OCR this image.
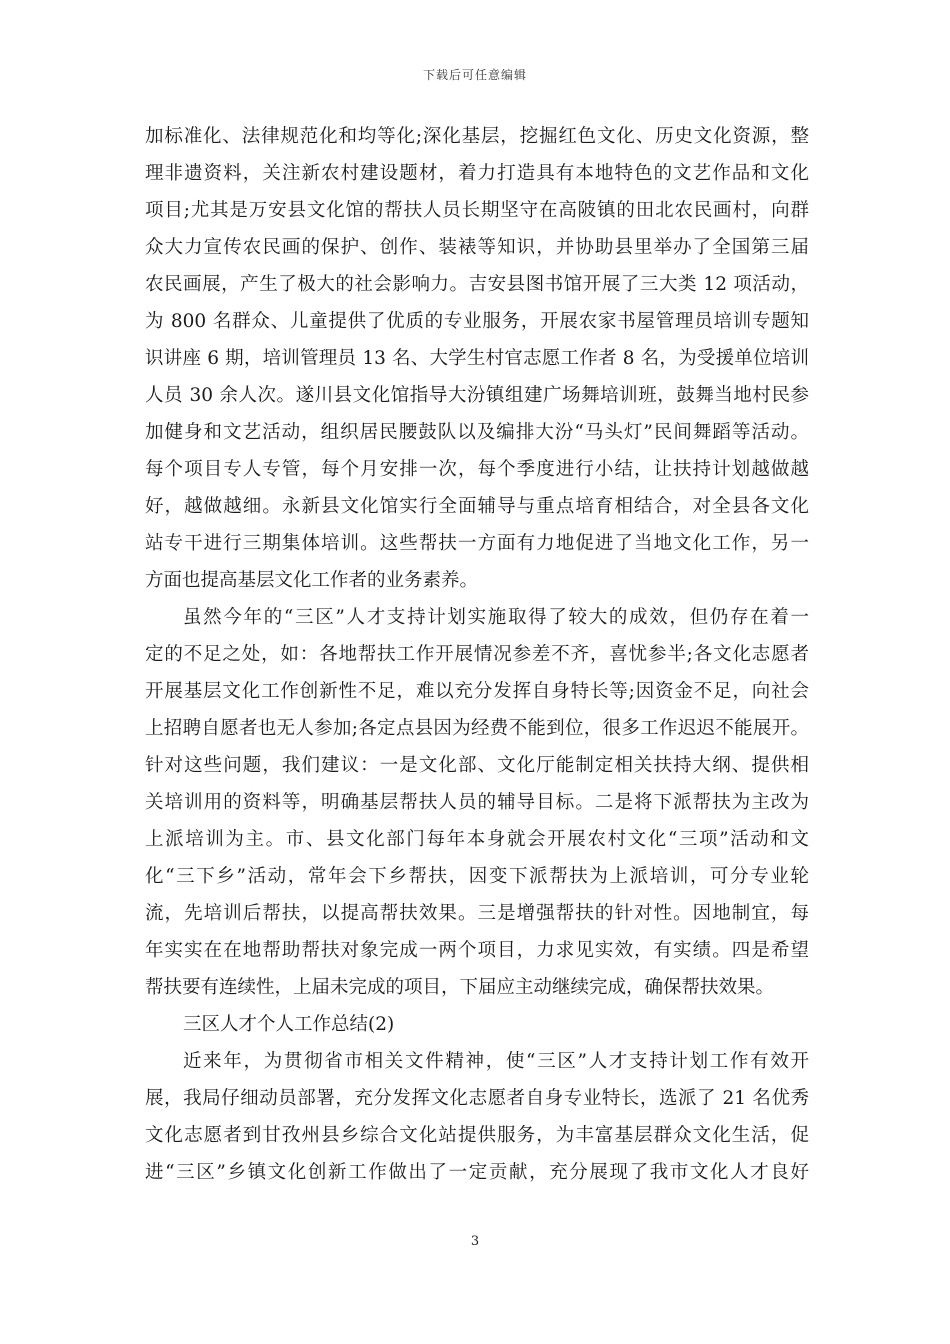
下载后可任意编辑
加标准化、法律规范化和均等化;深化基层，挖掘红色文化、历史文化资源，整
理非遗资料，关注新农村建设题材，着力打造具有本地特色的文艺作品和文化
项目;尤其是万安县文化馆的帮扶人员长期坚守在高陂镇的田北农民画村，向群
众大力宣传农民画的保护、创作、装裱等知识，并协助县里举办了全国第三届
农民画展，产生了极大的社会影响力。吉安县图书馆开展了三大类 12 项活动，
为 800 名群众、儿童提供了优质的专业服务，开展农家书屋管理员培训专题知
识讲座 6 期，培训管理员 13 名、大学生村官志愿工作者 8 名，为受援单位培训
人员 30 余人次。遂川县文化馆指导大汾镇组建广场舞培训班，鼓舞当地村民参
加健身和文艺活动，组织居民腰鼓队以及编排大汾“马头灯”民间舞蹈等活动。
每个项目专人专管，每个月安排一次，每个季度进行小结，让扶持计划越做越
好，越做越细。永新县文化馆实行全面辅导与重点培育相结合，对全县各文化
站专干进行三期集体培训。这些帮扶一方面有力地促进了当地文化工作，另一
方面也提高基层文化工作者的业务素养。
虽然今年的“三区”人才支持计划实施取得了较大的成效，但仍存在着一
定的不足之处，如：各地帮扶工作开展情况参差不齐，喜忧参半;各文化志愿者
开展基层文化工作创新性不足，难以充分发挥自身特长等;因资金不足，向社会
上招聘自愿者也无人参加;各定点县因为经费不能到位，很多工作迟迟不能展开。
针对这些问题，我们建议：一是文化部、文化厅能制定相关扶持大纲、提供相
关培训用的资料等，明确基层帮扶人员的辅导目标。二是将下派帮扶为主改为
上派培训为主。市、县文化部门每年本身就会开展农村文化“三项”活动和文
化“三下乡”活动，常年会下乡帮扶，因变下派帮扶为上派培训，可分专业轮
流，先培训后帮扶，以提高帮扶效果。三是增强帮扶的针对性。因地制宜，每
年实实在在地帮助帮扶对象完成一两个项目，力求见实效，有实绩。四是希望
帮扶要有连续性，上届未完成的项目，下届应主动继续完成，确保帮扶效果。
三区人才个人工作总结(2)
近来年，为贯彻省市相关文件精神，使“三区”人才支持计划工作有效开
展，我局仔细动员部署，充分发挥文化志愿者自身专业特长，选派了 21 名优秀
文化志愿者到甘孜州县乡综合文化站提供服务，为丰富基层群众文化生活，促
进“三区”乡镇文化创新工作做出了一定贡献，充分展现了我市文化人才良好
3
